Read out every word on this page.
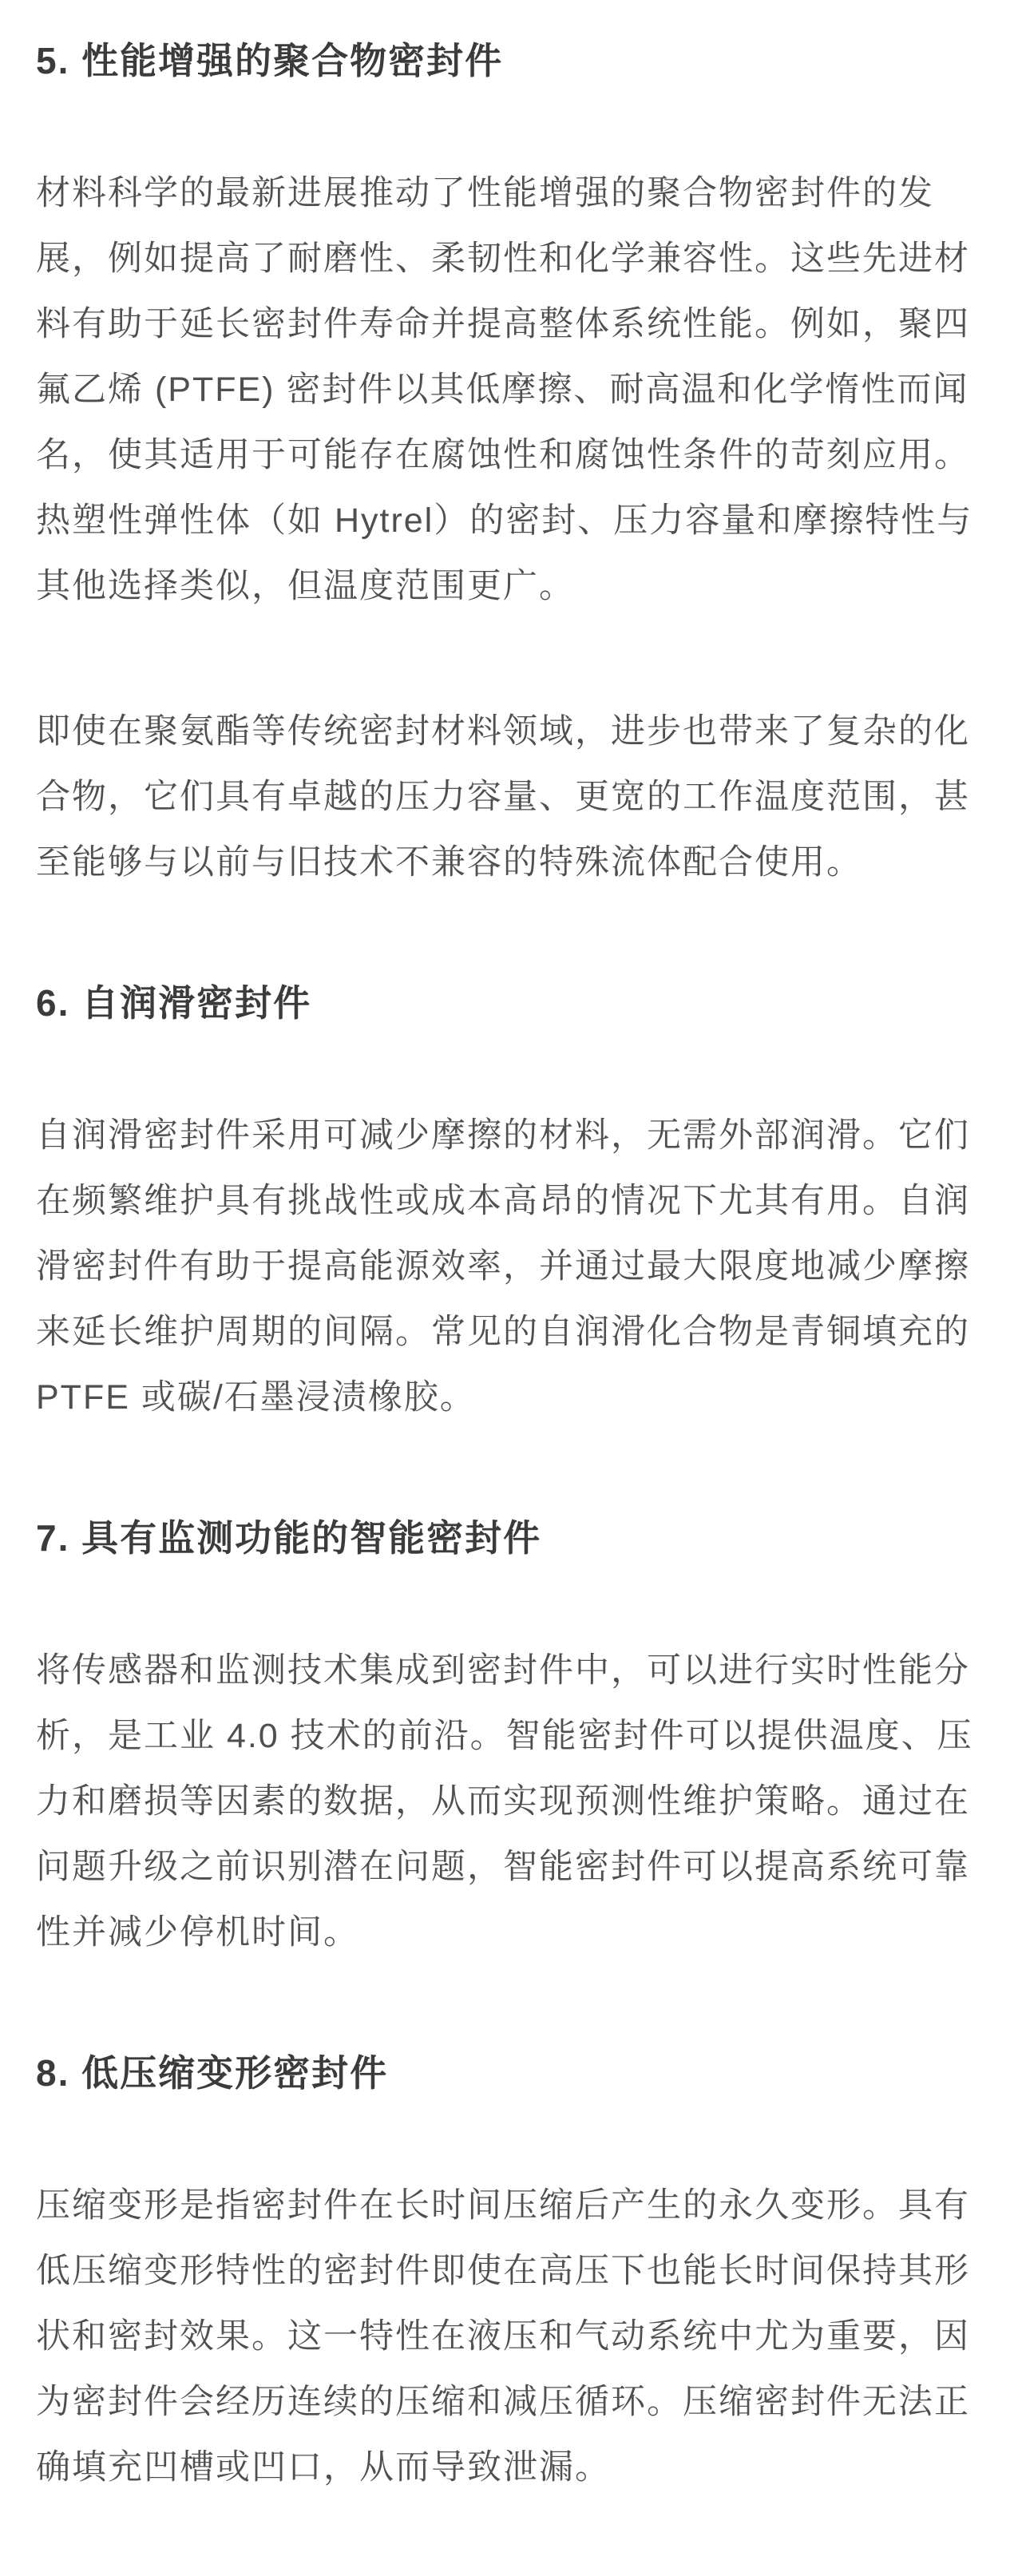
5. 性能增强的聚合物密封件

材料科学的最新进展推动了性能增强的聚合物密封件的发展，例如提高了耐磨性、柔韧性和化学兼容性。这些先进材料有助于延长密封件寿命并提高整体系统性能。例如，聚四氟乙烯 (PTFE) 密封件以其低摩擦、耐高温和化学惰性而闻名，使其适用于可能存在腐蚀性和腐蚀性条件的苛刻应用。热塑性弹性体（如 Hytrel）的密封、压力容量和摩擦特性与其他选择类似，但温度范围更广。

即使在聚氨酯等传统密封材料领域，进步也带来了复杂的化合物，它们具有卓越的压力容量、更宽的工作温度范围，甚至能够与以前与旧技术不兼容的特殊流体配合使用。

6. 自润滑密封件

自润滑密封件采用可减少摩擦的材料，无需外部润滑。它们在频繁维护具有挑战性或成本高昂的情况下尤其有用。自润滑密封件有助于提高能源效率，并通过最大限度地减少摩擦来延长维护周期的间隔。常见的自润滑化合物是青铜填充的 PTFE 或碳/石墨浸渍橡胶。

7. 具有监测功能的智能密封件

将传感器和监测技术集成到密封件中，可以进行实时性能分析，是工业 4.0 技术的前沿。智能密封件可以提供温度、压力和磨损等因素的数据，从而实现预测性维护策略。通过在问题升级之前识别潜在问题，智能密封件可以提高系统可靠性并减少停机时间。

8. 低压缩变形密封件

压缩变形是指密封件在长时间压缩后产生的永久变形。具有低压缩变形特性的密封件即使在高压下也能长时间保持其形状和密封效果。这一特性在液压和气动系统中尤为重要，因为密封件会经历连续的压缩和减压循环。压缩密封件无法正确填充凹槽或凹口，从而导致泄漏。
